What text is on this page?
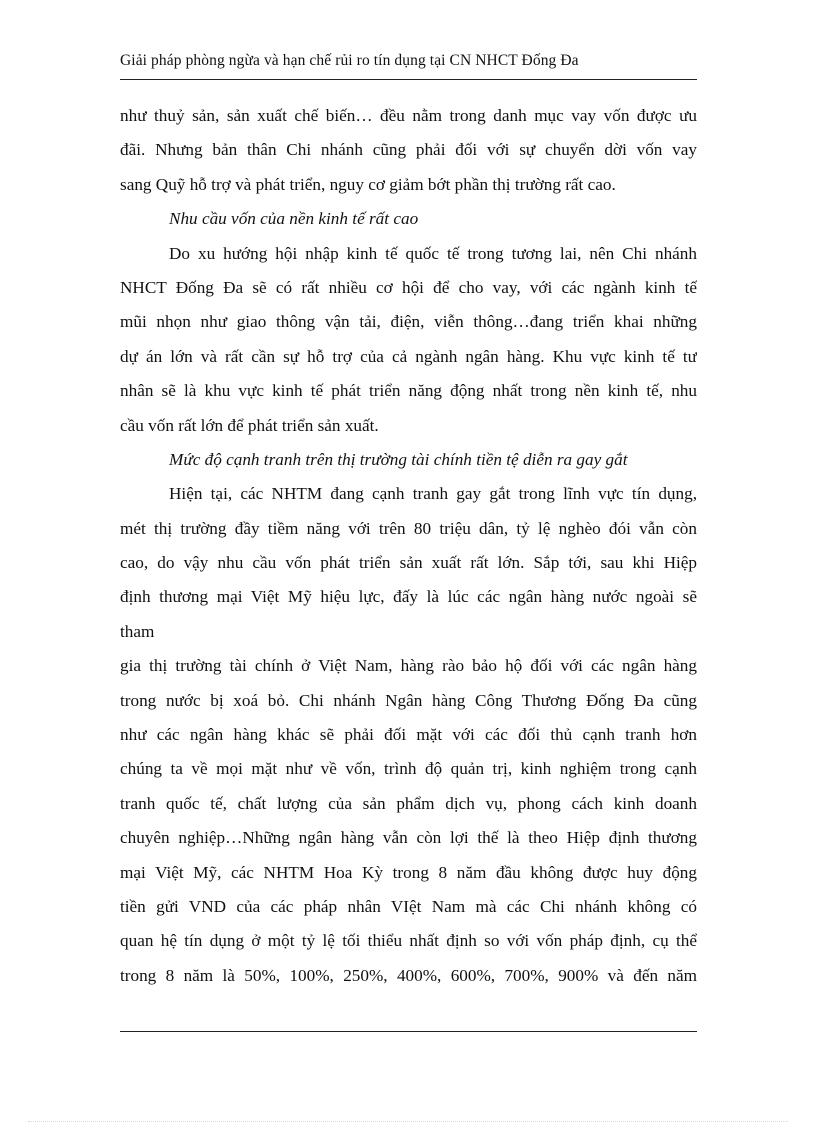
Giải pháp phòng ngừa và hạn chế rủi ro tín dụng tại CN NHCT Đống Đa
như thuỷ sản, sản xuất chế biến… đều nằm trong danh mục vay vốn được ưu
đãi. Nhưng bản thân Chi nhánh cũng phải đối với sự chuyển dời vốn vay
sang Quỹ hỗ trợ và phát triển, nguy cơ giảm bớt phần thị trường rất cao.
Nhu cầu vốn của nền kinh tế rất cao
Do xu hướng hội nhập kinh tế quốc tế trong tương lai, nên Chi nhánh
NHCT Đống Đa sẽ có rất nhiều cơ hội để cho vay, với các ngành kinh tế
mũi nhọn như giao thông vận tải, điện, viễn thông…đang triển khai những
dự án lớn và rất cần sự hỗ trợ của cả ngành ngân hàng. Khu vực kinh tế tư
nhân sẽ là khu vực kinh tế phát triển năng động nhất trong nền kinh tế, nhu
cầu vốn rất lớn để phát triển sản xuất.
Mức độ cạnh tranh trên thị trường tài chính tiền tệ diễn ra gay gắt
Hiện tại, các NHTM đang cạnh tranh gay gắt trong lĩnh vực tín dụng,
mét thị trường đầy tiềm năng với trên 80 triệu dân, tỷ lệ nghèo đói vẫn còn
cao, do vậy nhu cầu vốn phát triển sản xuất rất lớn. Sắp tới, sau khi Hiệp
định thương mại Việt Mỹ hiệu lực, đấy là lúc các ngân hàng nước ngoài sẽ
tham
gia thị trường tài chính ở Việt Nam, hàng rào bảo hộ đối với các ngân hàng
trong nước bị xoá bỏ. Chi nhánh Ngân hàng Công Thương Đống Đa cũng
như các ngân hàng khác sẽ phải đối mặt với các đối thủ cạnh tranh hơn
chúng ta về mọi mặt như về vốn, trình độ quản trị, kinh nghiệm trong cạnh
tranh quốc tế, chất lượng của sản phẩm dịch vụ, phong cách kinh doanh
chuyên nghiệp…Những ngân hàng vẫn còn lợi thế là theo Hiệp định thương
mại Việt Mỹ, các NHTM Hoa Kỳ trong 8 năm đầu không được huy động
tiền gửi VND của các pháp nhân VIệt Nam mà các Chi nhánh không có
quan hệ tín dụng ở một tỷ lệ tối thiểu nhất định so với vốn pháp định, cụ thể
trong 8 năm là 50%, 100%, 250%, 400%, 600%, 700%, 900% và đến năm
